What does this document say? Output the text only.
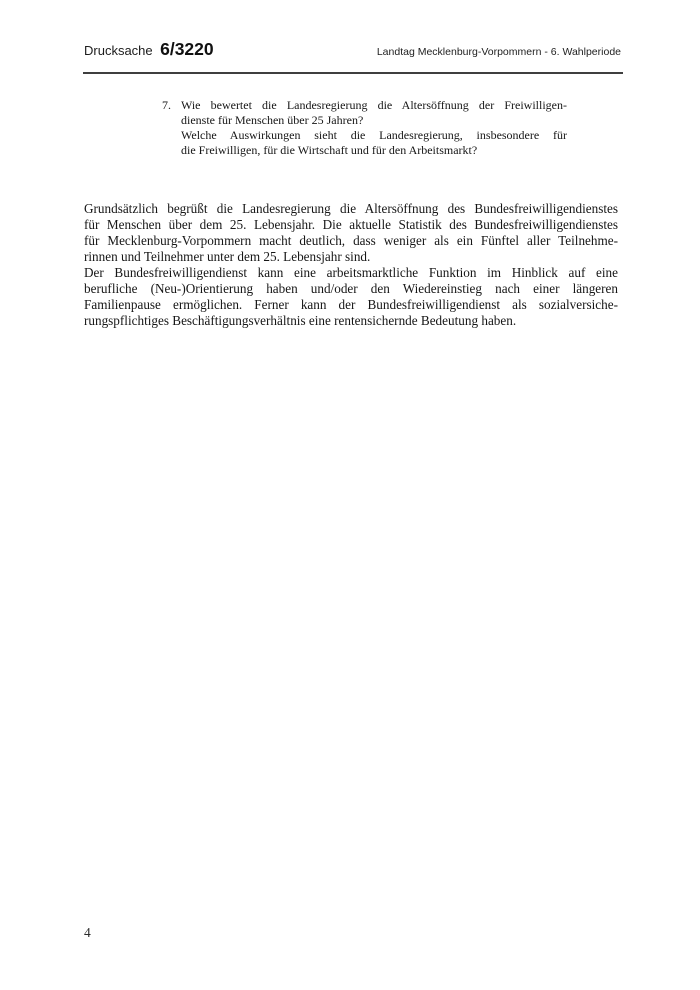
Drucksache 6/3220	Landtag Mecklenburg-Vorpommern - 6. Wahlperiode
7. Wie bewertet die Landesregierung die Altersöffnung der Freiwilligen-
dienste für Menschen über 25 Jahren?
Welche Auswirkungen sieht die Landesregierung, insbesondere für
die Freiwilligen, für die Wirtschaft und für den Arbeitsmarkt?
Grundsätzlich begrüßt die Landesregierung die Altersöffnung des Bundesfreiwilligendienstes
für Menschen über dem 25. Lebensjahr. Die aktuelle Statistik des Bundesfreiwilligendienstes
für Mecklenburg-Vorpommern macht deutlich, dass weniger als ein Fünftel aller Teilnehme-
rinnen und Teilnehmer unter dem 25. Lebensjahr sind.
Der Bundesfreiwilligendienst kann eine arbeitsmarktliche Funktion im Hinblick auf eine
berufliche (Neu-)Orientierung haben und/oder den Wiedereinstieg nach einer längeren
Familienpause ermöglichen. Ferner kann der Bundesfreiwilligendienst als sozialversiche-
rungspflichtiges Beschäftigungsverhältnis eine rentensichernde Bedeutung haben.
4
